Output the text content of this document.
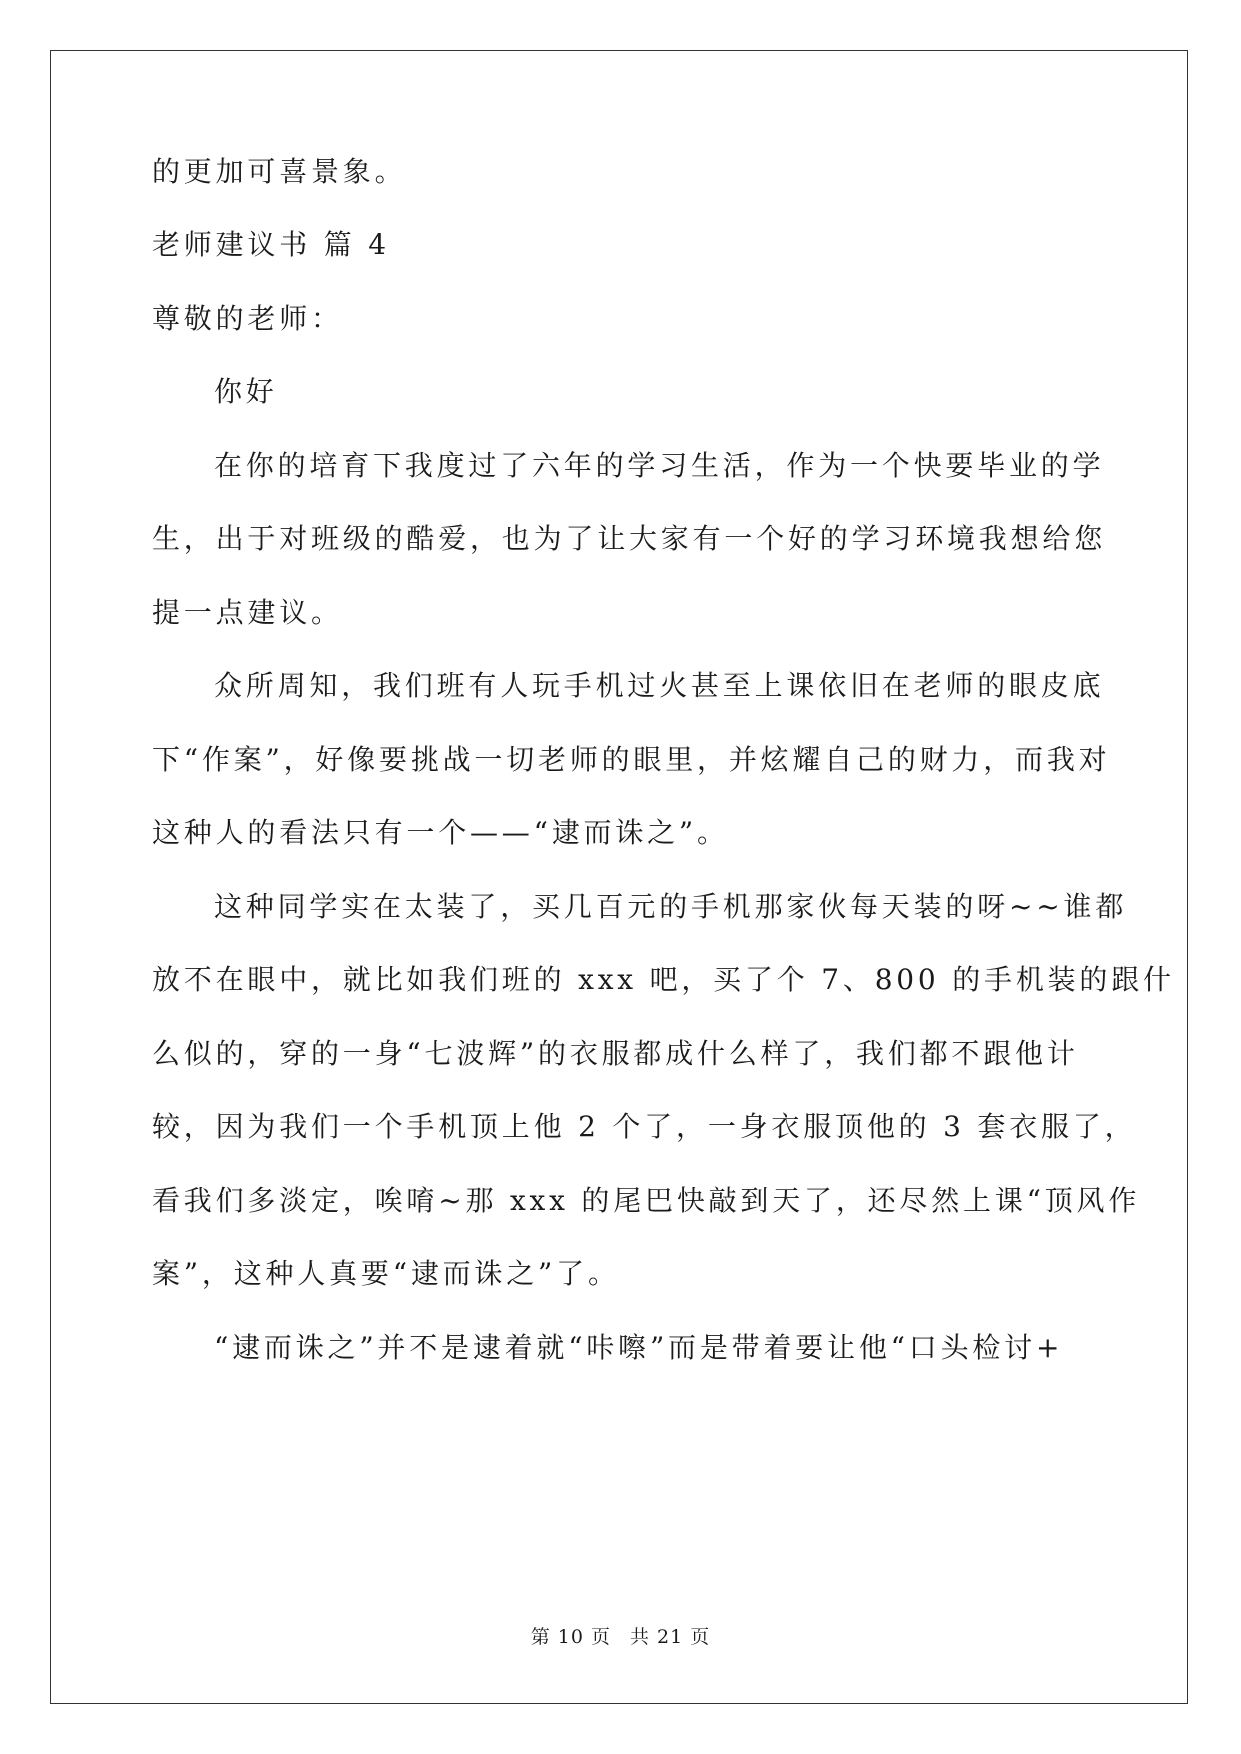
的更加可喜景象。
老师建议书 篇 4
尊敬的老师：
你好
在你的培育下我度过了六年的学习生活，作为一个快要毕业的学
生，出于对班级的酷爱，也为了让大家有一个好的学习环境我想给您
提一点建议。
众所周知，我们班有人玩手机过火甚至上课依旧在老师的眼皮底
下“作案”，好像要挑战一切老师的眼里，并炫耀自己的财力，而我对
这种人的看法只有一个——“逮而诛之”。
这种同学实在太装了，买几百元的手机那家伙每天装的呀~~谁都
放不在眼中，就比如我们班的 xxx 吧，买了个 7、800 的手机装的跟什
么似的，穿的一身“七波辉”的衣服都成什么样了，我们都不跟他计
较，因为我们一个手机顶上他 2 个了，一身衣服顶他的 3 套衣服了，
看我们多淡定，唉唷~那 xxx 的尾巴快敲到天了，还尽然上课“顶风作
案”，这种人真要“逮而诛之”了。
“逮而诛之”并不是逮着就“咔嚓”而是带着要让他“口头检讨+
第 10 页 共 21 页
